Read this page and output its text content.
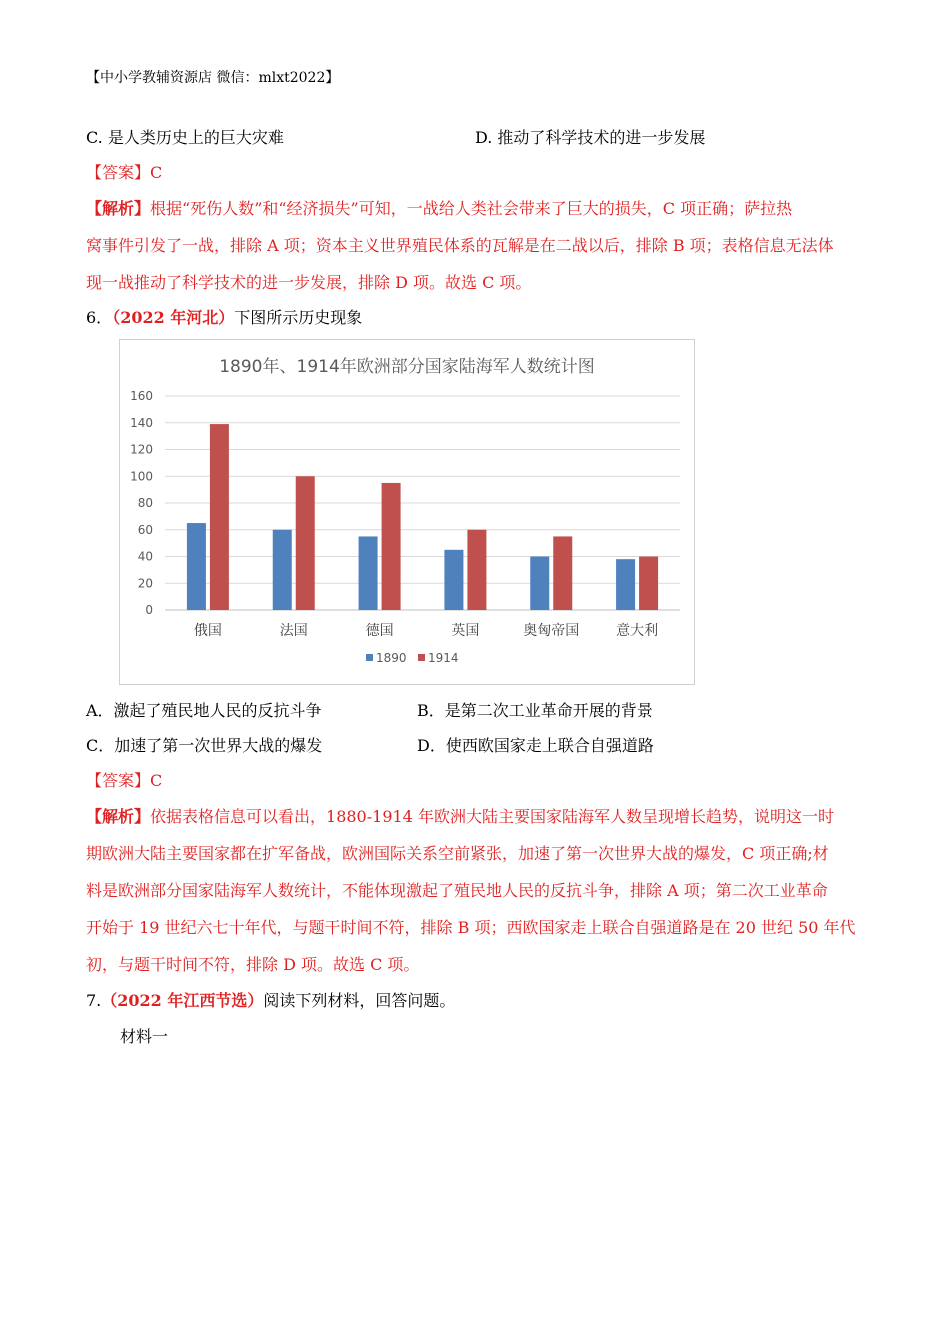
【中小学教辅资源店 微信：mlxt2022】
C. 是人类历史上的巨大灾难	D. 推动了科学技术的进一步发展
【答案】C
【解析】根据“死伤人数”和“经济损失”可知，一战给人类社会带来了巨大的损失，C 项正确；萨拉热
窝事件引发了一战，排除 A 项；资本主义世界殖民体系的瓦解是在二战以后，排除 B 项；表格信息无法体
现一战推动了科学技术的进一步发展，排除 D 项。故选 C 项。
6．（2022 年河北）下图所示历史现象
1890年、1914年欧洲部分国家陆海军人数统计图
0
20
40
60
80
100
120
140
160
俄国	法国	德国	英国	奥匈帝国	意大利
1890 1914
A．激起了殖民地人民的反抗斗争	B．是第二次工业革命开展的背景
C．加速了第一次世界大战的爆发	D．使西欧国家走上联合自强道路
【答案】C
【解析】依据表格信息可以看出，1880-1914 年欧洲大陆主要国家陆海军人数呈现增长趋势，说明这一时
期欧洲大陆主要国家都在扩军备战，欧洲国际关系空前紧张，加速了第一次世界大战的爆发，C 项正确;材
料是欧洲部分国家陆海军人数统计，不能体现激起了殖民地人民的反抗斗争，排除 A 项；第二次工业革命
开始于 19 世纪六七十年代，与题干时间不符，排除 B 项；西欧国家走上联合自强道路是在 20 世纪 50 年代
初，与题干时间不符，排除 D 项。故选 C 项。
7.（2022 年江西节选）阅读下列材料，回答问题。
材料一
